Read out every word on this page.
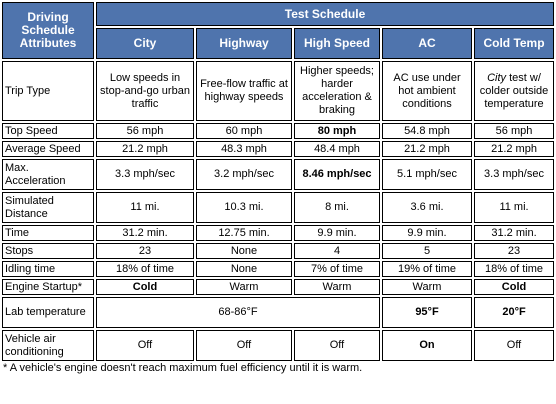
Driving
Schedule
Attributes	Test Schedule				
	City	Highway	High Speed	AC	Cold Temp
Trip Type	Low speeds in stop-and-go urban traffic	Free-flow traffic at highway speeds	Higher speeds; harder acceleration & braking	AC use under hot ambient conditions	City test w/ colder outside temperature
Top Speed	56 mph	60 mph	80 mph	54.8 mph	56 mph
Average Speed	21.2 mph	48.3 mph	48.4 mph	21.2 mph	21.2 mph
Max. Acceleration	3.3 mph/sec	3.2 mph/sec	8.46 mph/sec	5.1 mph/sec	3.3 mph/sec
Simulated Distance	11 mi.	10.3 mi.	8 mi.	3.6 mi.	11 mi.
Time	31.2 min.	12.75 min.	9.9 min.	9.9 min.	31.2 min.
Stops	23	None	4	5	23
Idling time	18% of time	None	7% of time	19% of time	18% of time
Engine Startup*	Cold	Warm	Warm	Warm	Cold
Lab temperature	68-86°F			95°F	20°F
Vehicle air conditioning	Off	Off	Off	On	Off
* A vehicle's engine doesn't reach maximum fuel efficiency until it is warm.
